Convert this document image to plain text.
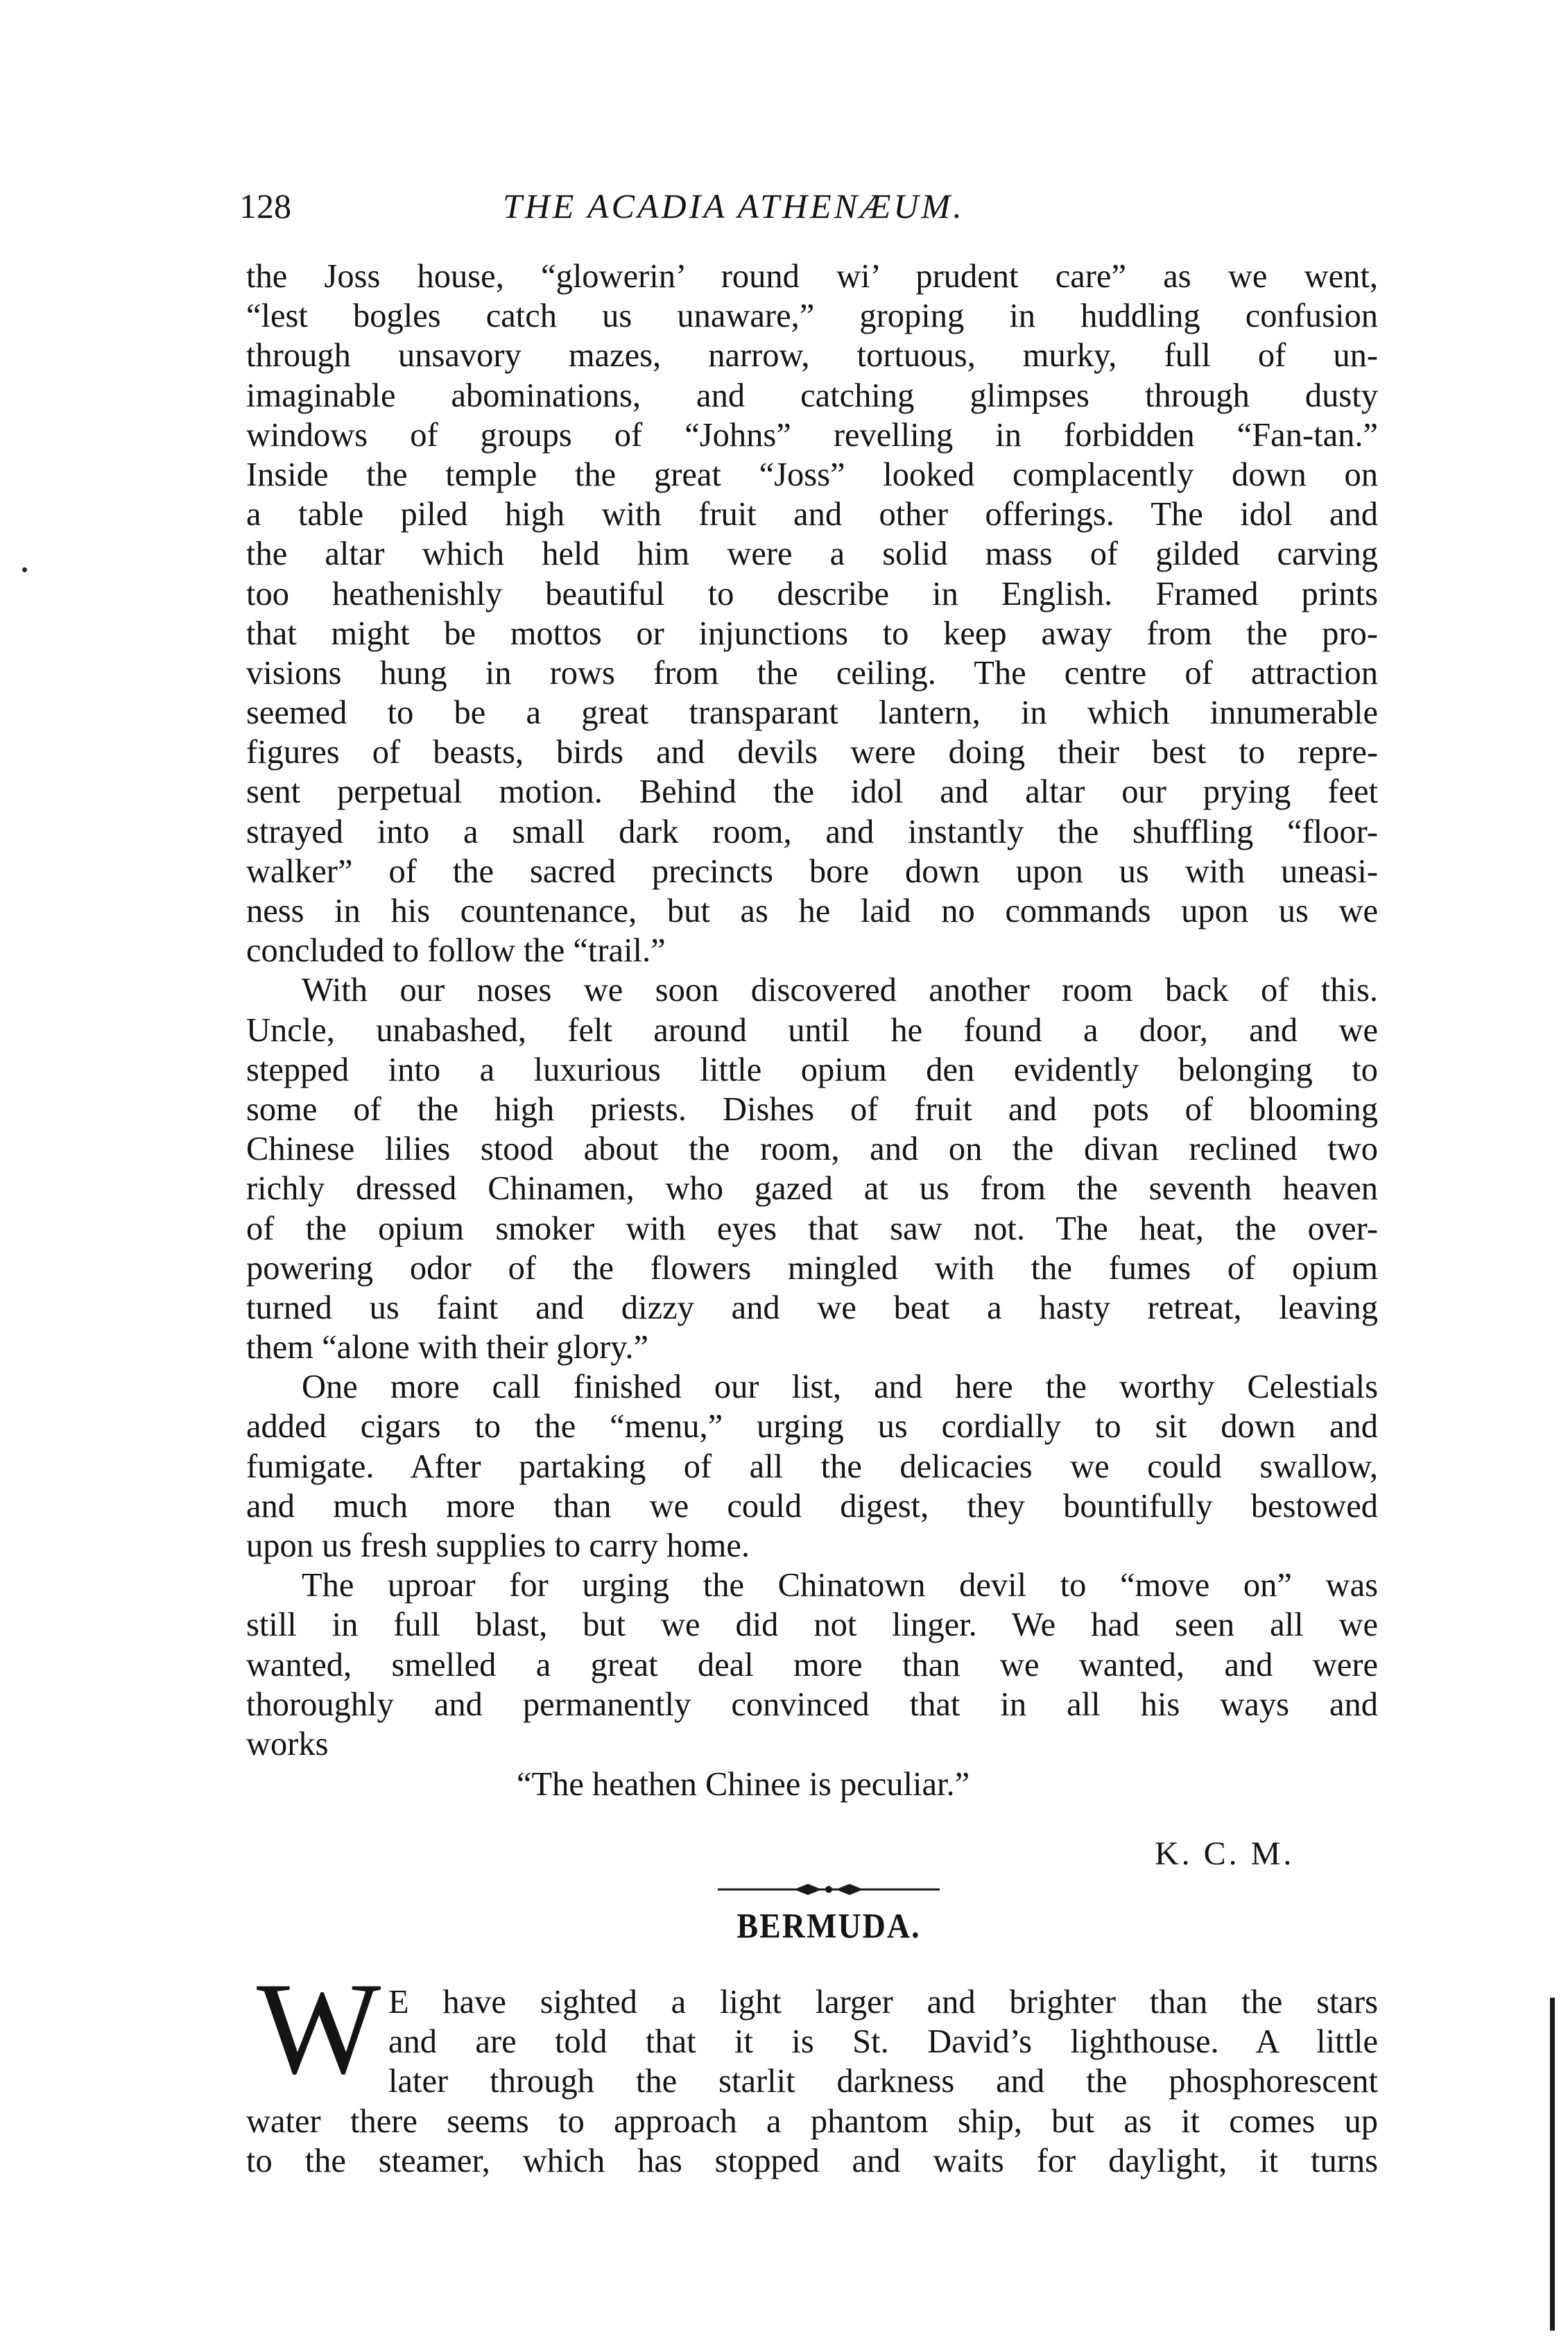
128	THE ACADIA ATHENÆUM.
the Joss house, “glowerin’ round wi’ prudent care” as we went,
“lest bogles catch us unaware,” groping in huddling confusion
through unsavory mazes, narrow, tortuous, murky, full of un-
imaginable abominations, and catching glimpses through dusty
windows of groups of “Johns” revelling in forbidden “Fan-tan.”
Inside the temple the great “Joss” looked complacently down on
a table piled high with fruit and other offerings. The idol and
the altar which held him were a solid mass of gilded carving
too heathenishly beautiful to describe in English. Framed prints
that might be mottos or injunctions to keep away from the pro-
visions hung in rows from the ceiling. The centre of attraction
seemed to be a great transparant lantern, in which innumerable
figures of beasts, birds and devils were doing their best to repre-
sent perpetual motion. Behind the idol and altar our prying feet
strayed into a small dark room, and instantly the shuffling “floor-
walker” of the sacred precincts bore down upon us with uneasi-
ness in his countenance, but as he laid no commands upon us we
concluded to follow the “trail.”
With our noses we soon discovered another room back of this.
Uncle, unabashed, felt around until he found a door, and we
stepped into a luxurious little opium den evidently belonging to
some of the high priests. Dishes of fruit and pots of blooming
Chinese lilies stood about the room, and on the divan reclined two
richly dressed Chinamen, who gazed at us from the seventh heaven
of the opium smoker with eyes that saw not. The heat, the over-
powering odor of the flowers mingled with the fumes of opium
turned us faint and dizzy and we beat a hasty retreat, leaving
them “alone with their glory.”
One more call finished our list, and here the worthy Celestials
added cigars to the “menu,” urging us cordially to sit down and
fumigate. After partaking of all the delicacies we could swallow,
and much more than we could digest, they bountifully bestowed
upon us fresh supplies to carry home.
The uproar for urging the Chinatown devil to “move on” was
still in full blast, but we did not linger. We had seen all we
wanted, smelled a great deal more than we wanted, and were
thoroughly and permanently convinced that in all his ways and
works
“The heathen Chinee is peculiar.”
K. C. M.
BERMUDA.
W E have sighted a light larger and brighter than the stars
and are told that it is St. David’s lighthouse. A little
later through the starlit darkness and the phosphorescent
water there seems to approach a phantom ship, but as it comes up
to the steamer, which has stopped and waits for daylight, it turns
